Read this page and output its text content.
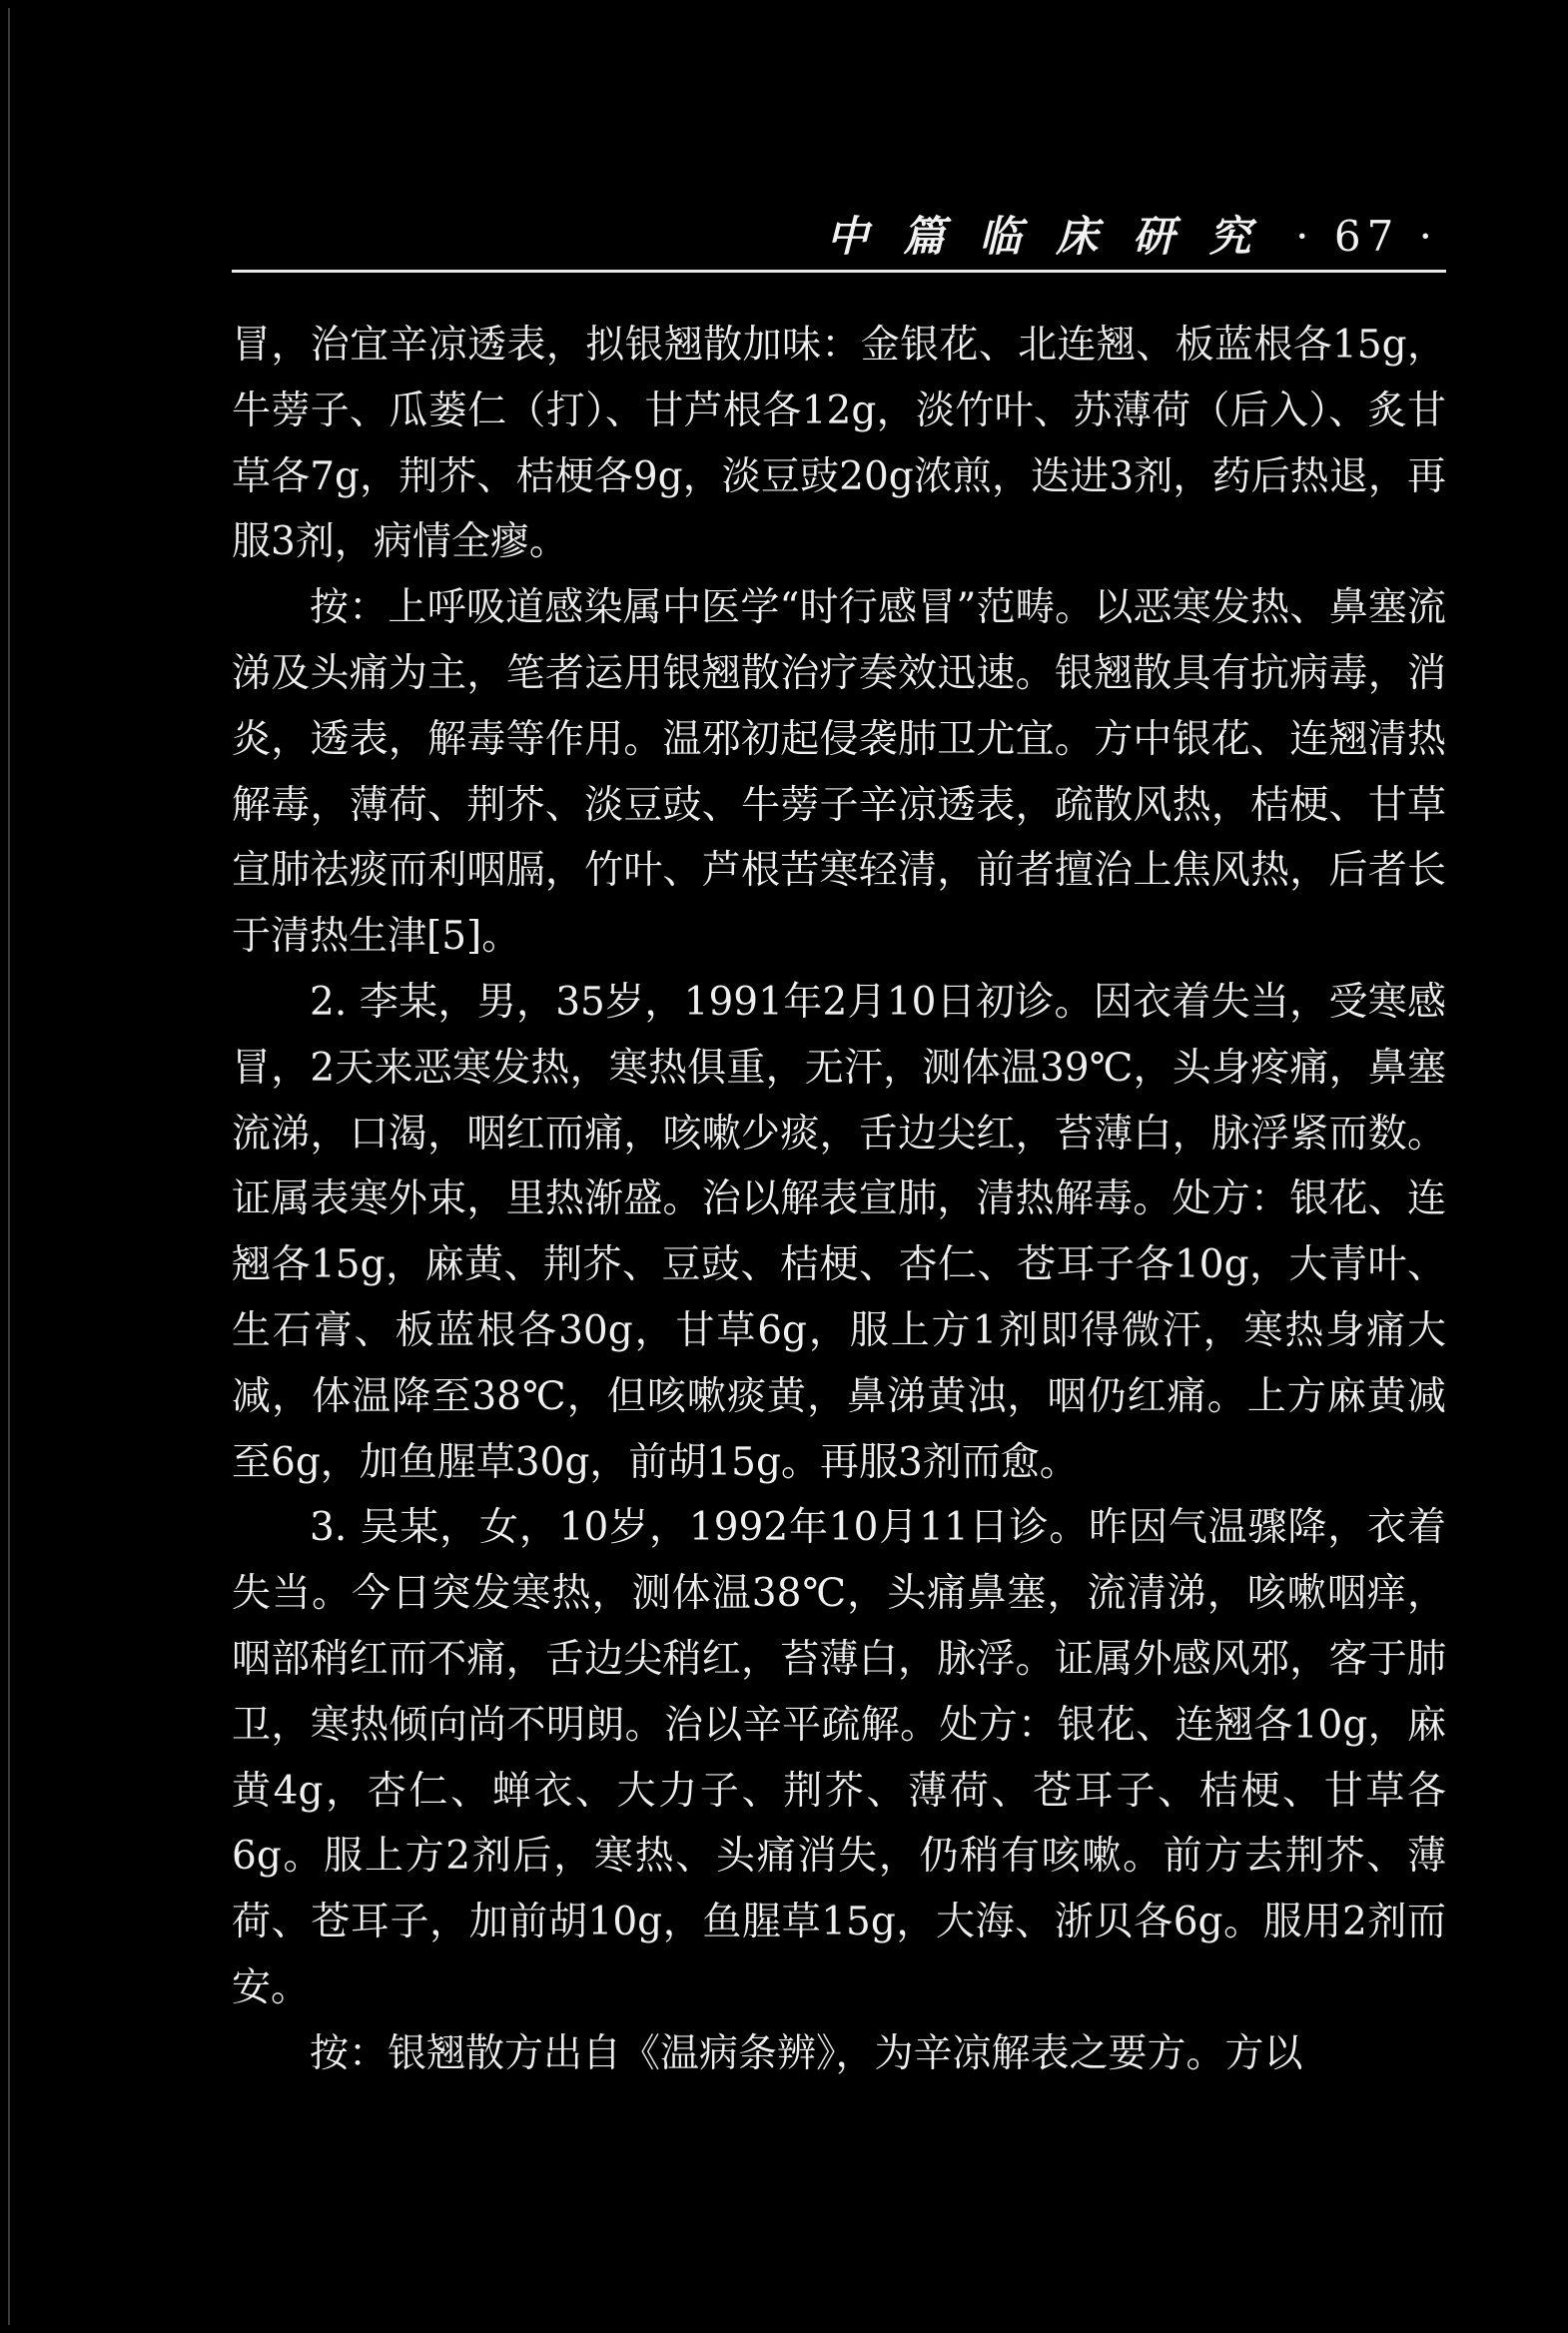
中 篇 临 床 研 究 · 67 ·

冒，治宜辛凉透表，拟银翘散加味：金银花、北连翘、板蓝根各15g，牛蒡子、瓜蒌仁（打）、甘芦根各12g，淡竹叶、苏薄荷（后入）、炙甘草各7g，荆芥、桔梗各9g，淡豆豉20g浓煎，迭进3剂，药后热退，再服3剂，病情全瘳。

按：上呼吸道感染属中医学“时行感冒”范畴。以恶寒发热、鼻塞流涕及头痛为主，笔者运用银翘散治疗奏效迅速。银翘散具有抗病毒，消炎，透表，解毒等作用。温邪初起侵袭肺卫尤宜。方中银花、连翘清热解毒，薄荷、荆芥、淡豆豉、牛蒡子辛凉透表，疏散风热，桔梗、甘草宣肺祛痰而利咽膈，竹叶、芦根苦寒轻清，前者擅治上焦风热，后者长于清热生津[5]。

2. 李某，男，35岁，1991年2月10日初诊。因衣着失当，受寒感冒，2天来恶寒发热，寒热俱重，无汗，测体温39℃，头身疼痛，鼻塞流涕，口渴，咽红而痛，咳嗽少痰，舌边尖红，苔薄白，脉浮紧而数。证属表寒外束，里热渐盛。治以解表宣肺，清热解毒。处方：银花、连翘各15g，麻黄、荆芥、豆豉、桔梗、杏仁、苍耳子各10g，大青叶、生石膏、板蓝根各30g，甘草6g，服上方1剂即得微汗，寒热身痛大减，体温降至38℃，但咳嗽痰黄，鼻涕黄浊，咽仍红痛。上方麻黄减至6g，加鱼腥草30g，前胡15g。再服3剂而愈。

3. 吴某，女，10岁，1992年10月11日诊。昨因气温骤降，衣着失当。今日突发寒热，测体温38℃，头痛鼻塞，流清涕，咳嗽咽痒，咽部稍红而不痛，舌边尖稍红，苔薄白，脉浮。证属外感风邪，客于肺卫，寒热倾向尚不明朗。治以辛平疏解。处方：银花、连翘各10g，麻黄4g，杏仁、蝉衣、大力子、荆芥、薄荷、苍耳子、桔梗、甘草各6g。服上方2剂后，寒热、头痛消失，仍稍有咳嗽。前方去荆芥、薄荷、苍耳子，加前胡10g，鱼腥草15g，大海、浙贝各6g。服用2剂而安。

按：银翘散方出自《温病条辨》，为辛凉解表之要方。方以
